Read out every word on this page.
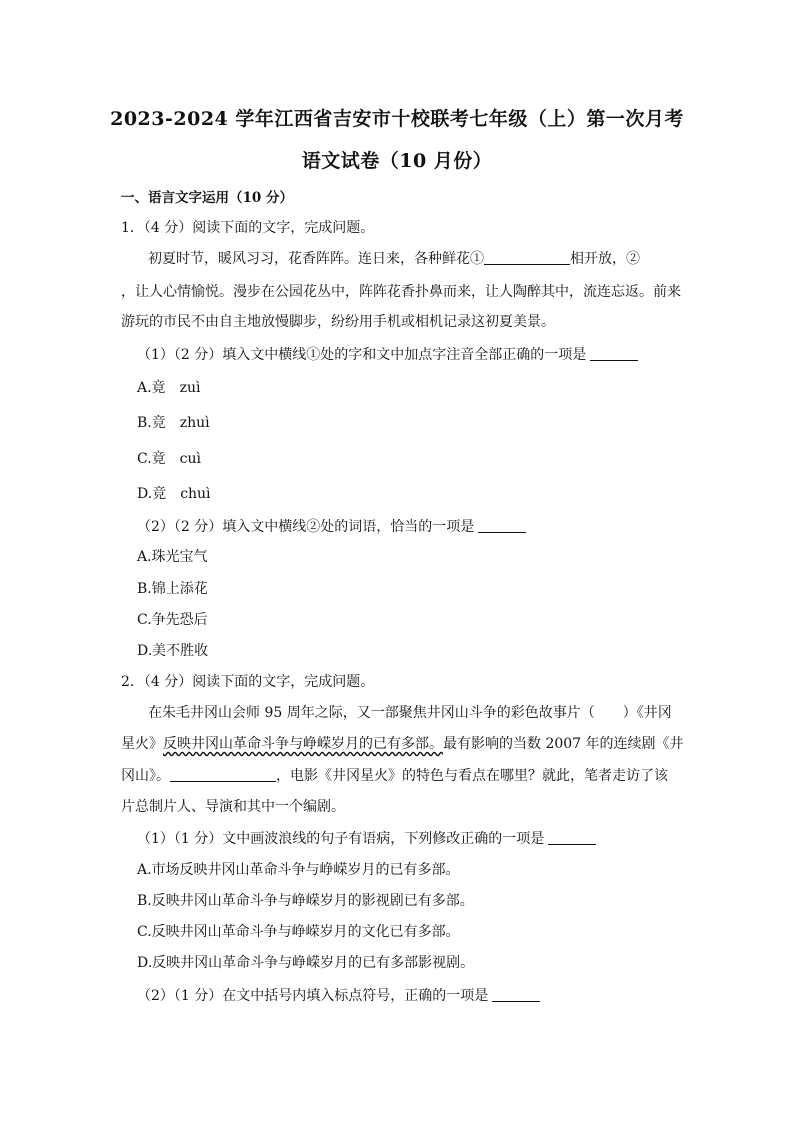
2023-2024 学年江西省吉安市十校联考七年级（上）第一次月考
语文试卷（10 月份）
一、语言文字运用（10 分）
1．（4 分）阅读下面的文字，完成问题。
初夏时节，暖风习习，花香阵阵。连日来，各种鲜花①	相开放，②
，让人心情愉悦。漫步在公园花丛中，阵阵花香扑鼻而来，让人陶醉其中，流连忘返。前来
游玩的市民不由自主地放慢脚步，纷纷用手机或相机记录这初夏美景。
（1）（2 分）填入文中横线①处的字和文中加点字注音全部正确的一项是
A.竟 zuì
B.竞 zhuì
C.竟 cuì
D.竞 chuì
（2）（2 分）填入文中横线②处的词语，恰当的一项是
A.珠光宝气
B.锦上添花
C.争先恐后
D.美不胜收
2．（4 分）阅读下面的文字，完成问题。
在朱毛井冈山会师 95 周年之际，又一部聚焦井冈山斗争的彩色故事片（　　）《井冈
星火》反映井冈山革命斗争与峥嵘岁月的已有多部。最有影响的当数 2007 年的连续剧《井
冈山》。	，电影《井冈星火》的特色与看点在哪里？就此，笔者走访了该
片总制片人、导演和其中一个编剧。
（1）（1 分）文中画波浪线的句子有语病，下列修改正确的一项是
A.市场反映井冈山革命斗争与峥嵘岁月的已有多部。
B.反映井冈山革命斗争与峥嵘岁月的影视剧已有多部。
C.反映井冈山革命斗争与峥嵘岁月的文化已有多部。
D.反映井冈山革命斗争与峥嵘岁月的已有多部影视剧。
（2）（1 分）在文中括号内填入标点符号，正确的一项是
